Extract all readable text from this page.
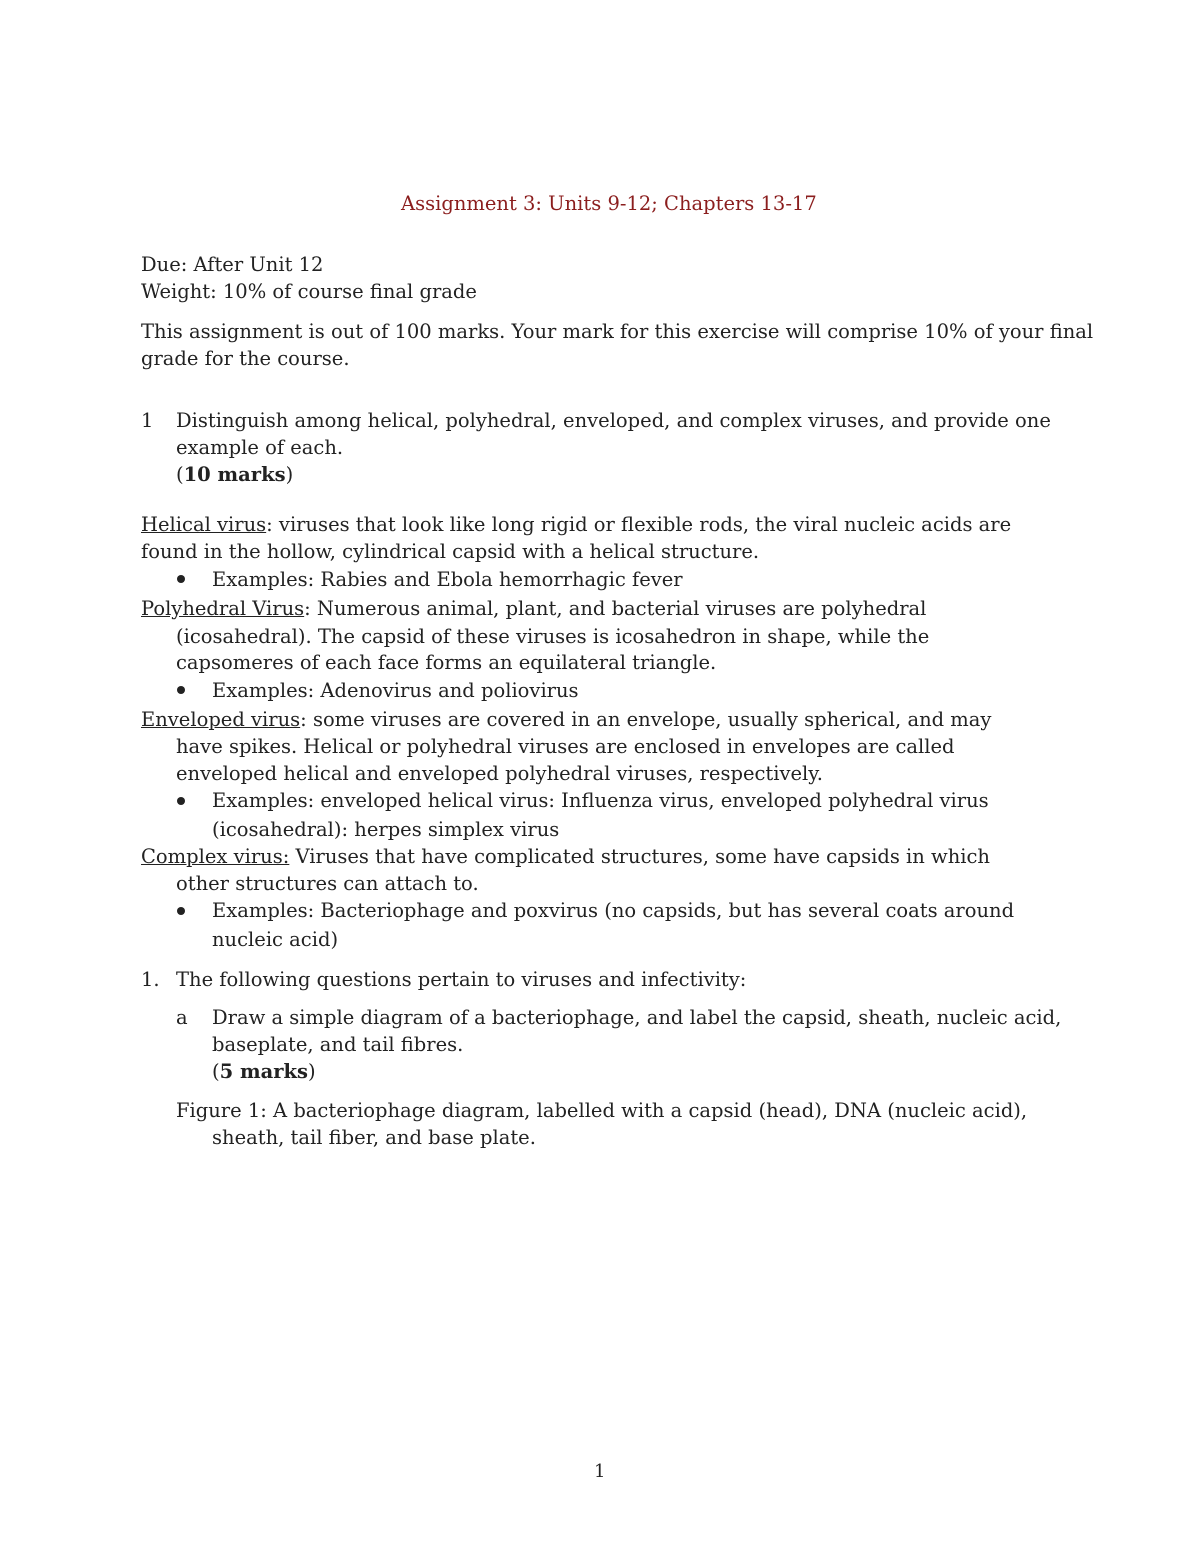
Assignment 3: Units 9-12; Chapters 13-17
Due: After Unit 12
Weight: 10% of course final grade
This assignment is out of 100 marks. Your mark for this exercise will comprise 10% of your final
grade for the course.
1 Distinguish among helical, polyhedral, enveloped, and complex viruses, and provide one
example of each.
(10 marks)
Helical virus: viruses that look like long rigid or flexible rods, the viral nucleic acids are
found in the hollow, cylindrical capsid with a helical structure.
Examples: Rabies and Ebola hemorrhagic fever
Polyhedral Virus: Numerous animal, plant, and bacterial viruses are polyhedral
(icosahedral). The capsid of these viruses is icosahedron in shape, while the
capsomeres of each face forms an equilateral triangle.
Examples: Adenovirus and poliovirus
Enveloped virus: some viruses are covered in an envelope, usually spherical, and may
have spikes. Helical or polyhedral viruses are enclosed in envelopes are called
enveloped helical and enveloped polyhedral viruses, respectively.
Examples: enveloped helical virus: Influenza virus, enveloped polyhedral virus
(icosahedral): herpes simplex virus
Complex virus: Viruses that have complicated structures, some have capsids in which
other structures can attach to.
Examples: Bacteriophage and poxvirus (no capsids, but has several coats around
nucleic acid)
1. The following questions pertain to viruses and infectivity:
a Draw a simple diagram of a bacteriophage, and label the capsid, sheath, nucleic acid,
baseplate, and tail fibres.
(5 marks)
Figure 1: A bacteriophage diagram, labelled with a capsid (head), DNA (nucleic acid),
sheath, tail fiber, and base plate.
1
